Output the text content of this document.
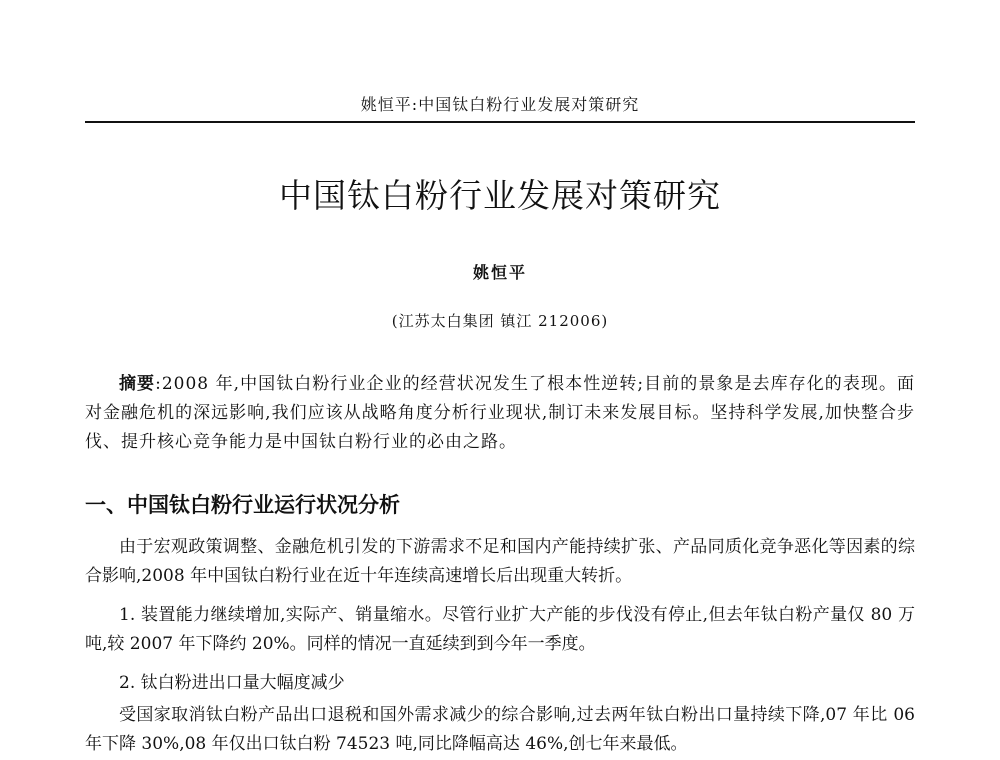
姚恒平:中国钛白粉行业发展对策研究
中国钛白粉行业发展对策研究
姚恒平
(江苏太白集团 镇江 212006)

摘要:2008 年,中国钛白粉行业企业的经营状况发生了根本性逆转;目前的景象是去库存化的表现。面对金融危机的深远影响,我们应该从战略角度分析行业现状,制订未来发展目标。坚持科学发展,加快整合步伐、提升核心竞争能力是中国钛白粉行业的必由之路。

一、中国钛白粉行业运行状况分析

由于宏观政策调整、金融危机引发的下游需求不足和国内产能持续扩张、产品同质化竞争恶化等因素的综合影响,2008 年中国钛白粉行业在近十年连续高速增长后出现重大转折。

1. 装置能力继续增加,实际产、销量缩水。尽管行业扩大产能的步伐没有停止,但去年钛白粉产量仅 80 万吨,较 2007 年下降约 20%。同样的情况一直延续到到今年一季度。

2. 钛白粉进出口量大幅度减少

受国家取消钛白粉产品出口退税和国外需求减少的综合影响,过去两年钛白粉出口量持续下降,07 年比 06 年下降 30%,08 年仅出口钛白粉 74523 吨,同比降幅高达 46%,创七年来最低。
